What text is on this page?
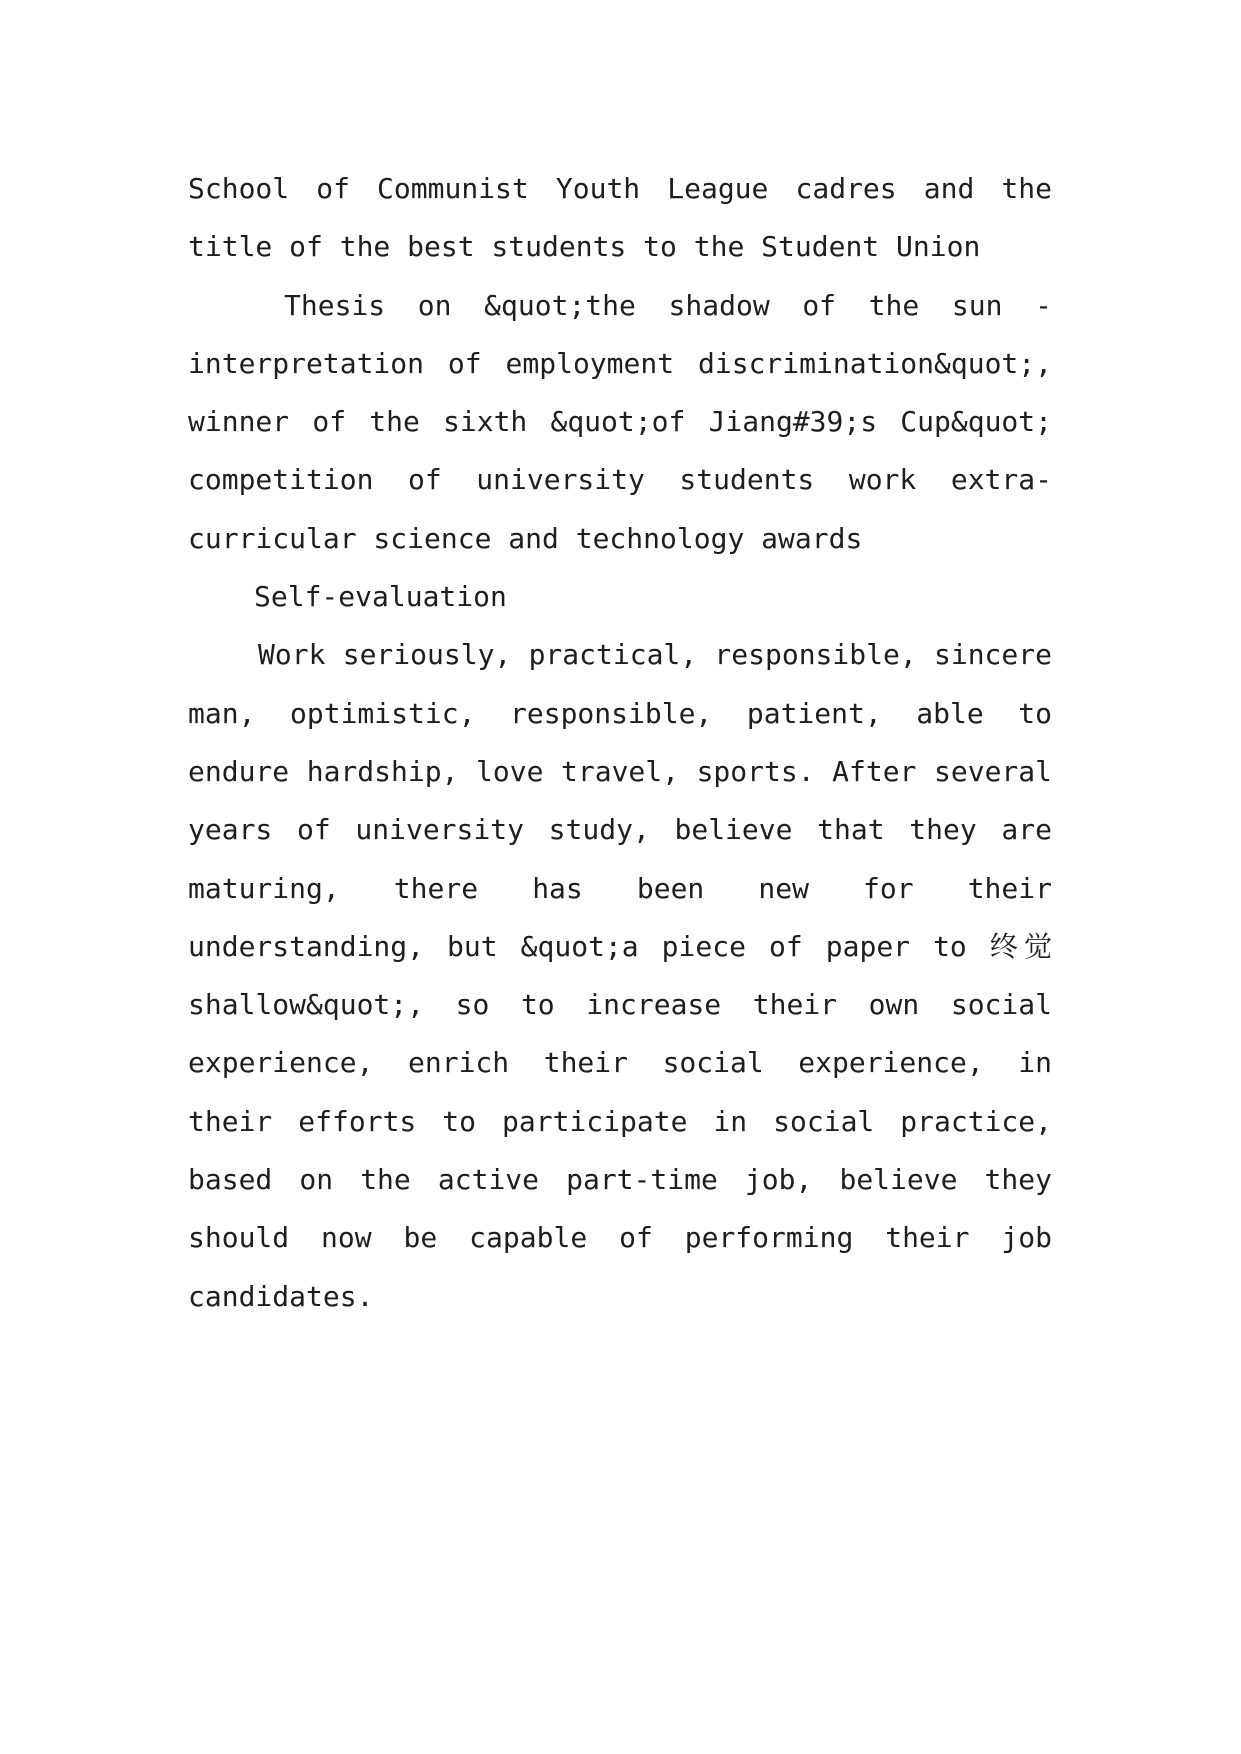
School of Communist Youth League cadres and the title of the best students to the Student Union

Thesis on &quot;the shadow of the sun - interpretation of employment discrimination&quot;, winner of the sixth &quot;of Jiang#39;s Cup&quot; competition of university students work extra-curricular science and technology awards

Self-evaluation

Work seriously, practical, responsible, sincere man, optimistic, responsible, patient, able to endure hardship, love travel, sports. After several years of university study, believe that they are maturing, there has been new for their understanding, but &quot;a piece of paper to 终觉 shallow&quot;, so to increase their own social experience, enrich their social experience, in their efforts to participate in social practice, based on the active part-time job, believe they should now be capable of performing their job candidates.
